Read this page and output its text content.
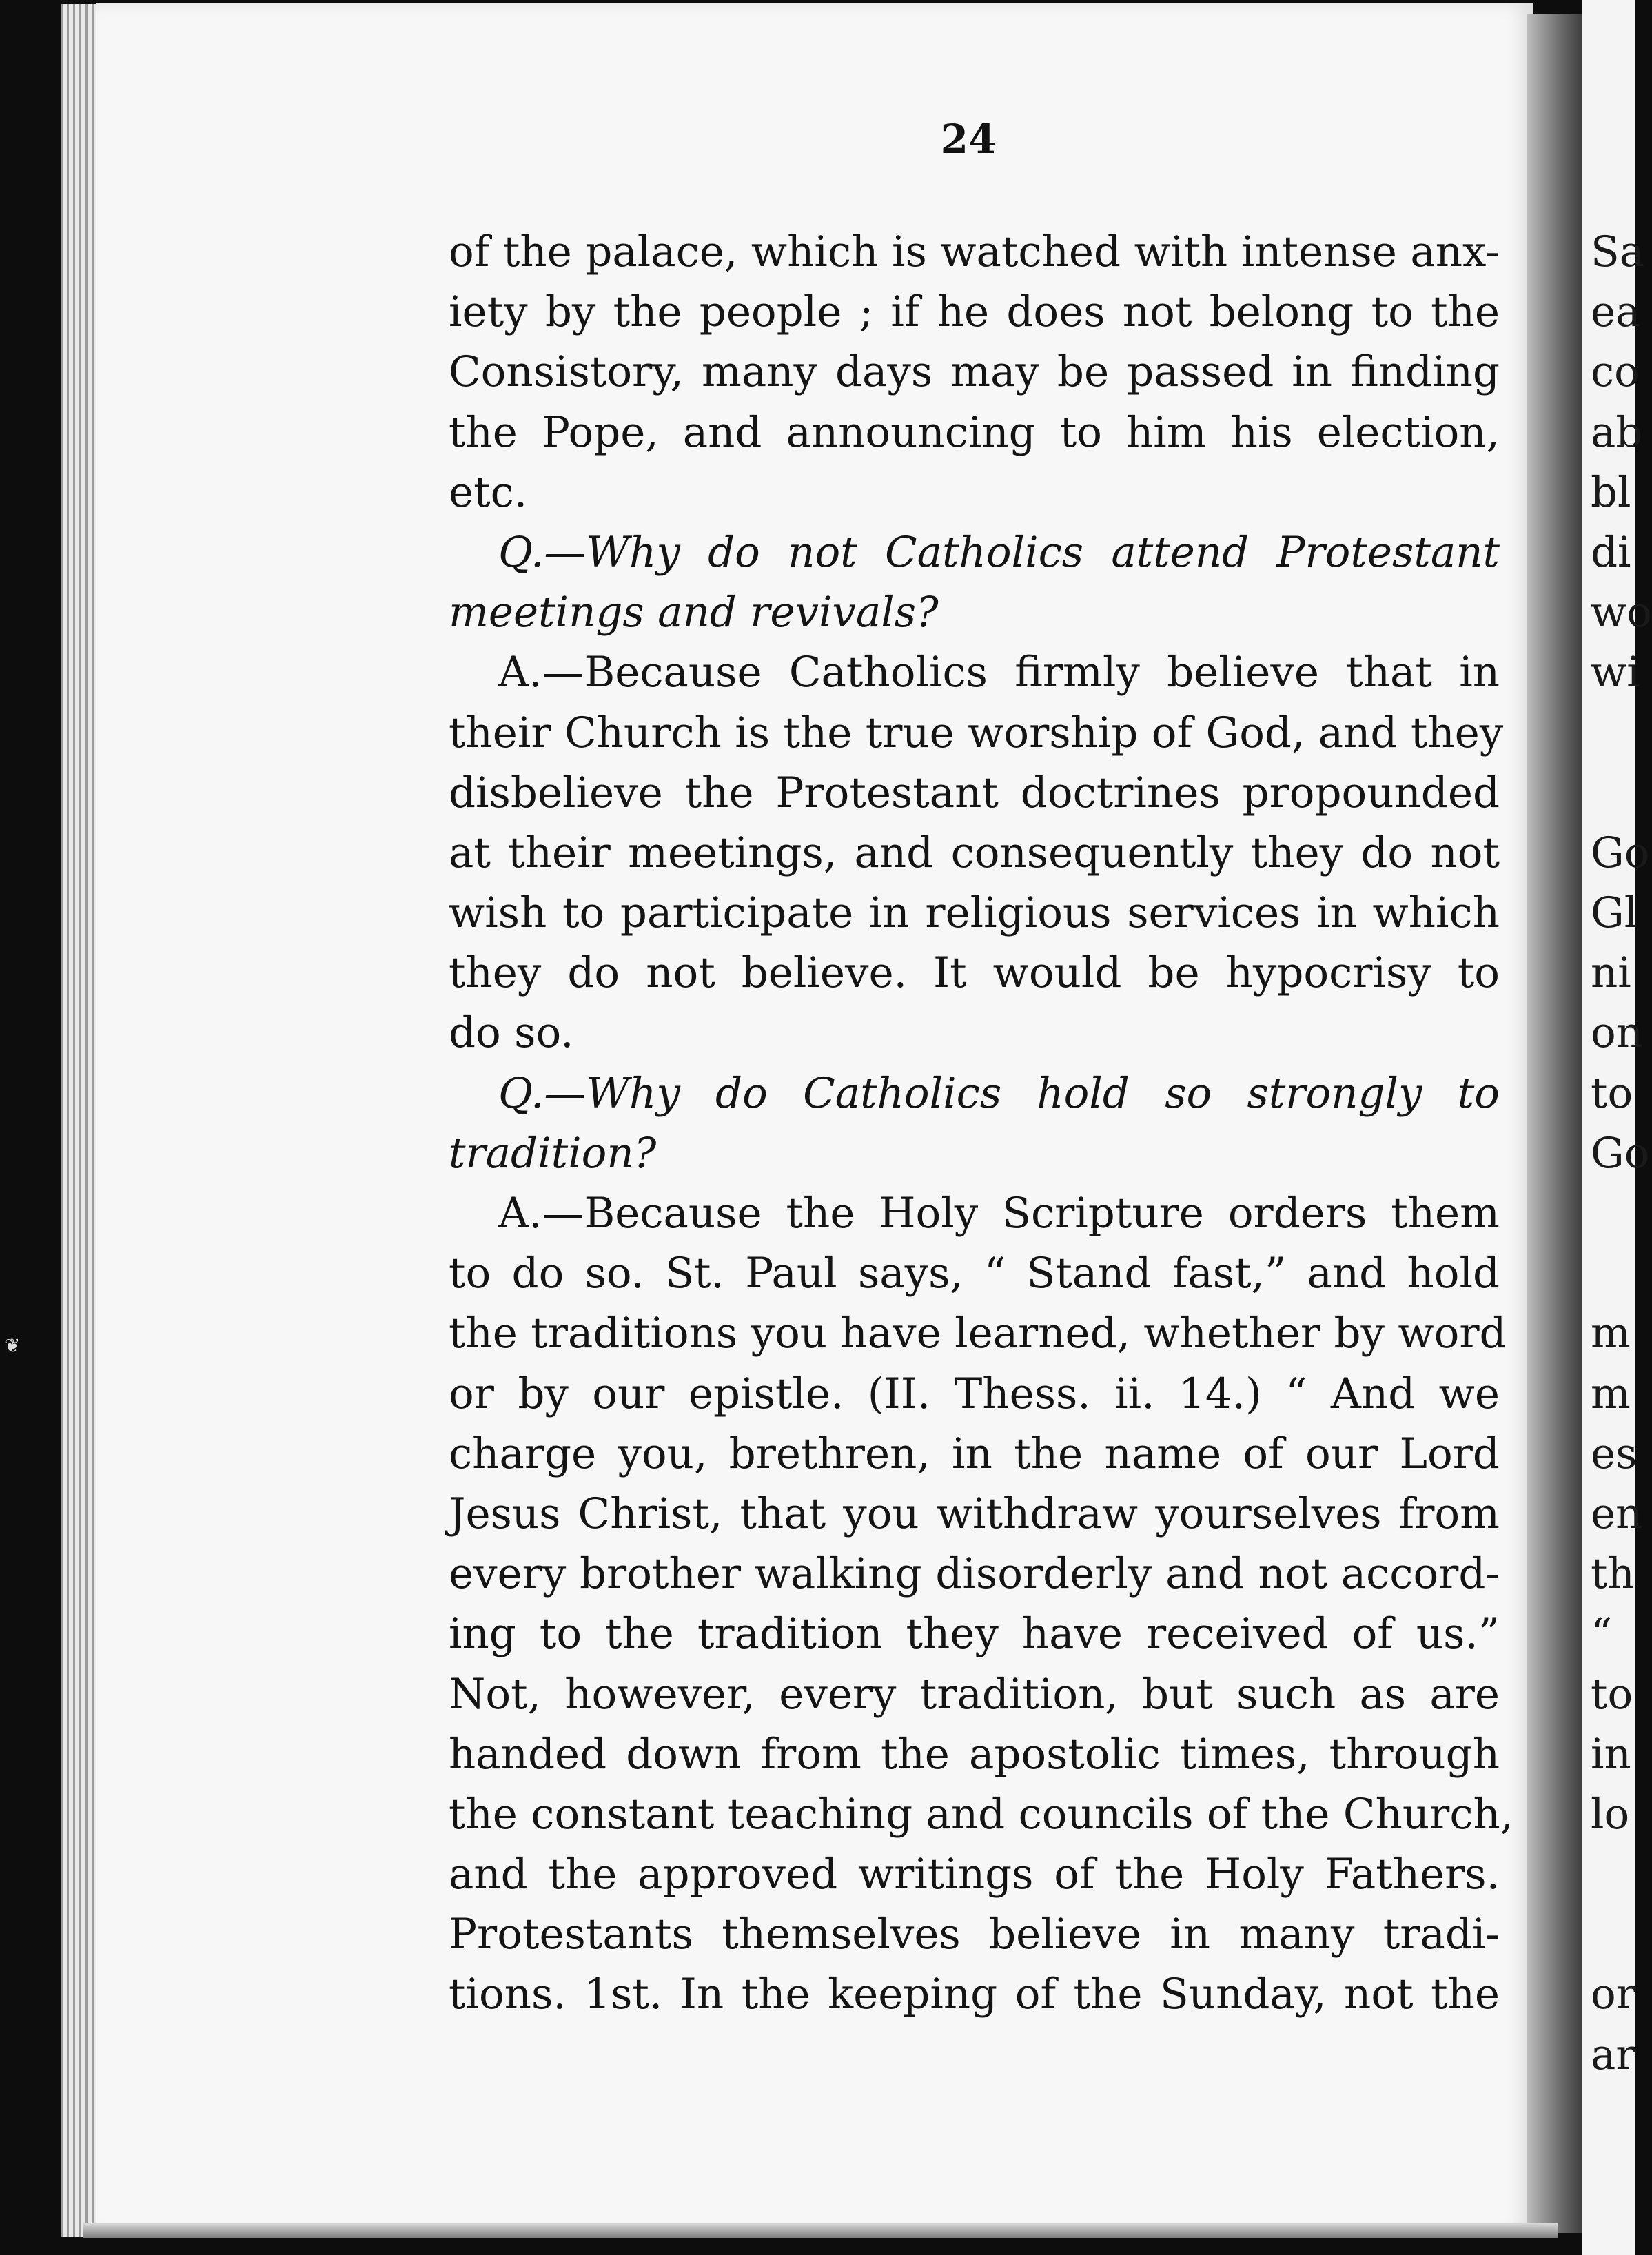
Sa
ea
co
ab
bl
di
wo
wi
Go
Gl
ni
on
to
Go
m
m
es
en
th
“
to
in
lo
or
ar
❦
24
of the palace, which is watched with intense anx-
iety by the people ; if he does not belong to the
Consistory, many days may be passed in finding
the Pope, and announcing to him his election,
etc.
Q.—Why do not Catholics attend Protestant
meetings and revivals?
A.—Because Catholics firmly believe that in
their Church is the true worship of God, and they
disbelieve the Protestant doctrines propounded
at their meetings, and consequently they do not
wish to participate in religious services in which
they do not believe. It would be hypocrisy to
do so.
Q.—Why do Catholics hold so strongly to
tradition?
A.—Because the Holy Scripture orders them
to do so. St. Paul says, “ Stand fast,” and hold
the traditions you have learned, whether by word
or by our epistle. (II. Thess. ii. 14.) “ And we
charge you, brethren, in the name of our Lord
Jesus Christ, that you withdraw yourselves from
every brother walking disorderly and not accord-
ing to the tradition they have received of us.”
Not, however, every tradition, but such as are
handed down from the apostolic times, through
the constant teaching and councils of the Church,
and the approved writings of the Holy Fathers.
Protestants themselves believe in many tradi-
tions. 1st. In the keeping of the Sunday, not the
